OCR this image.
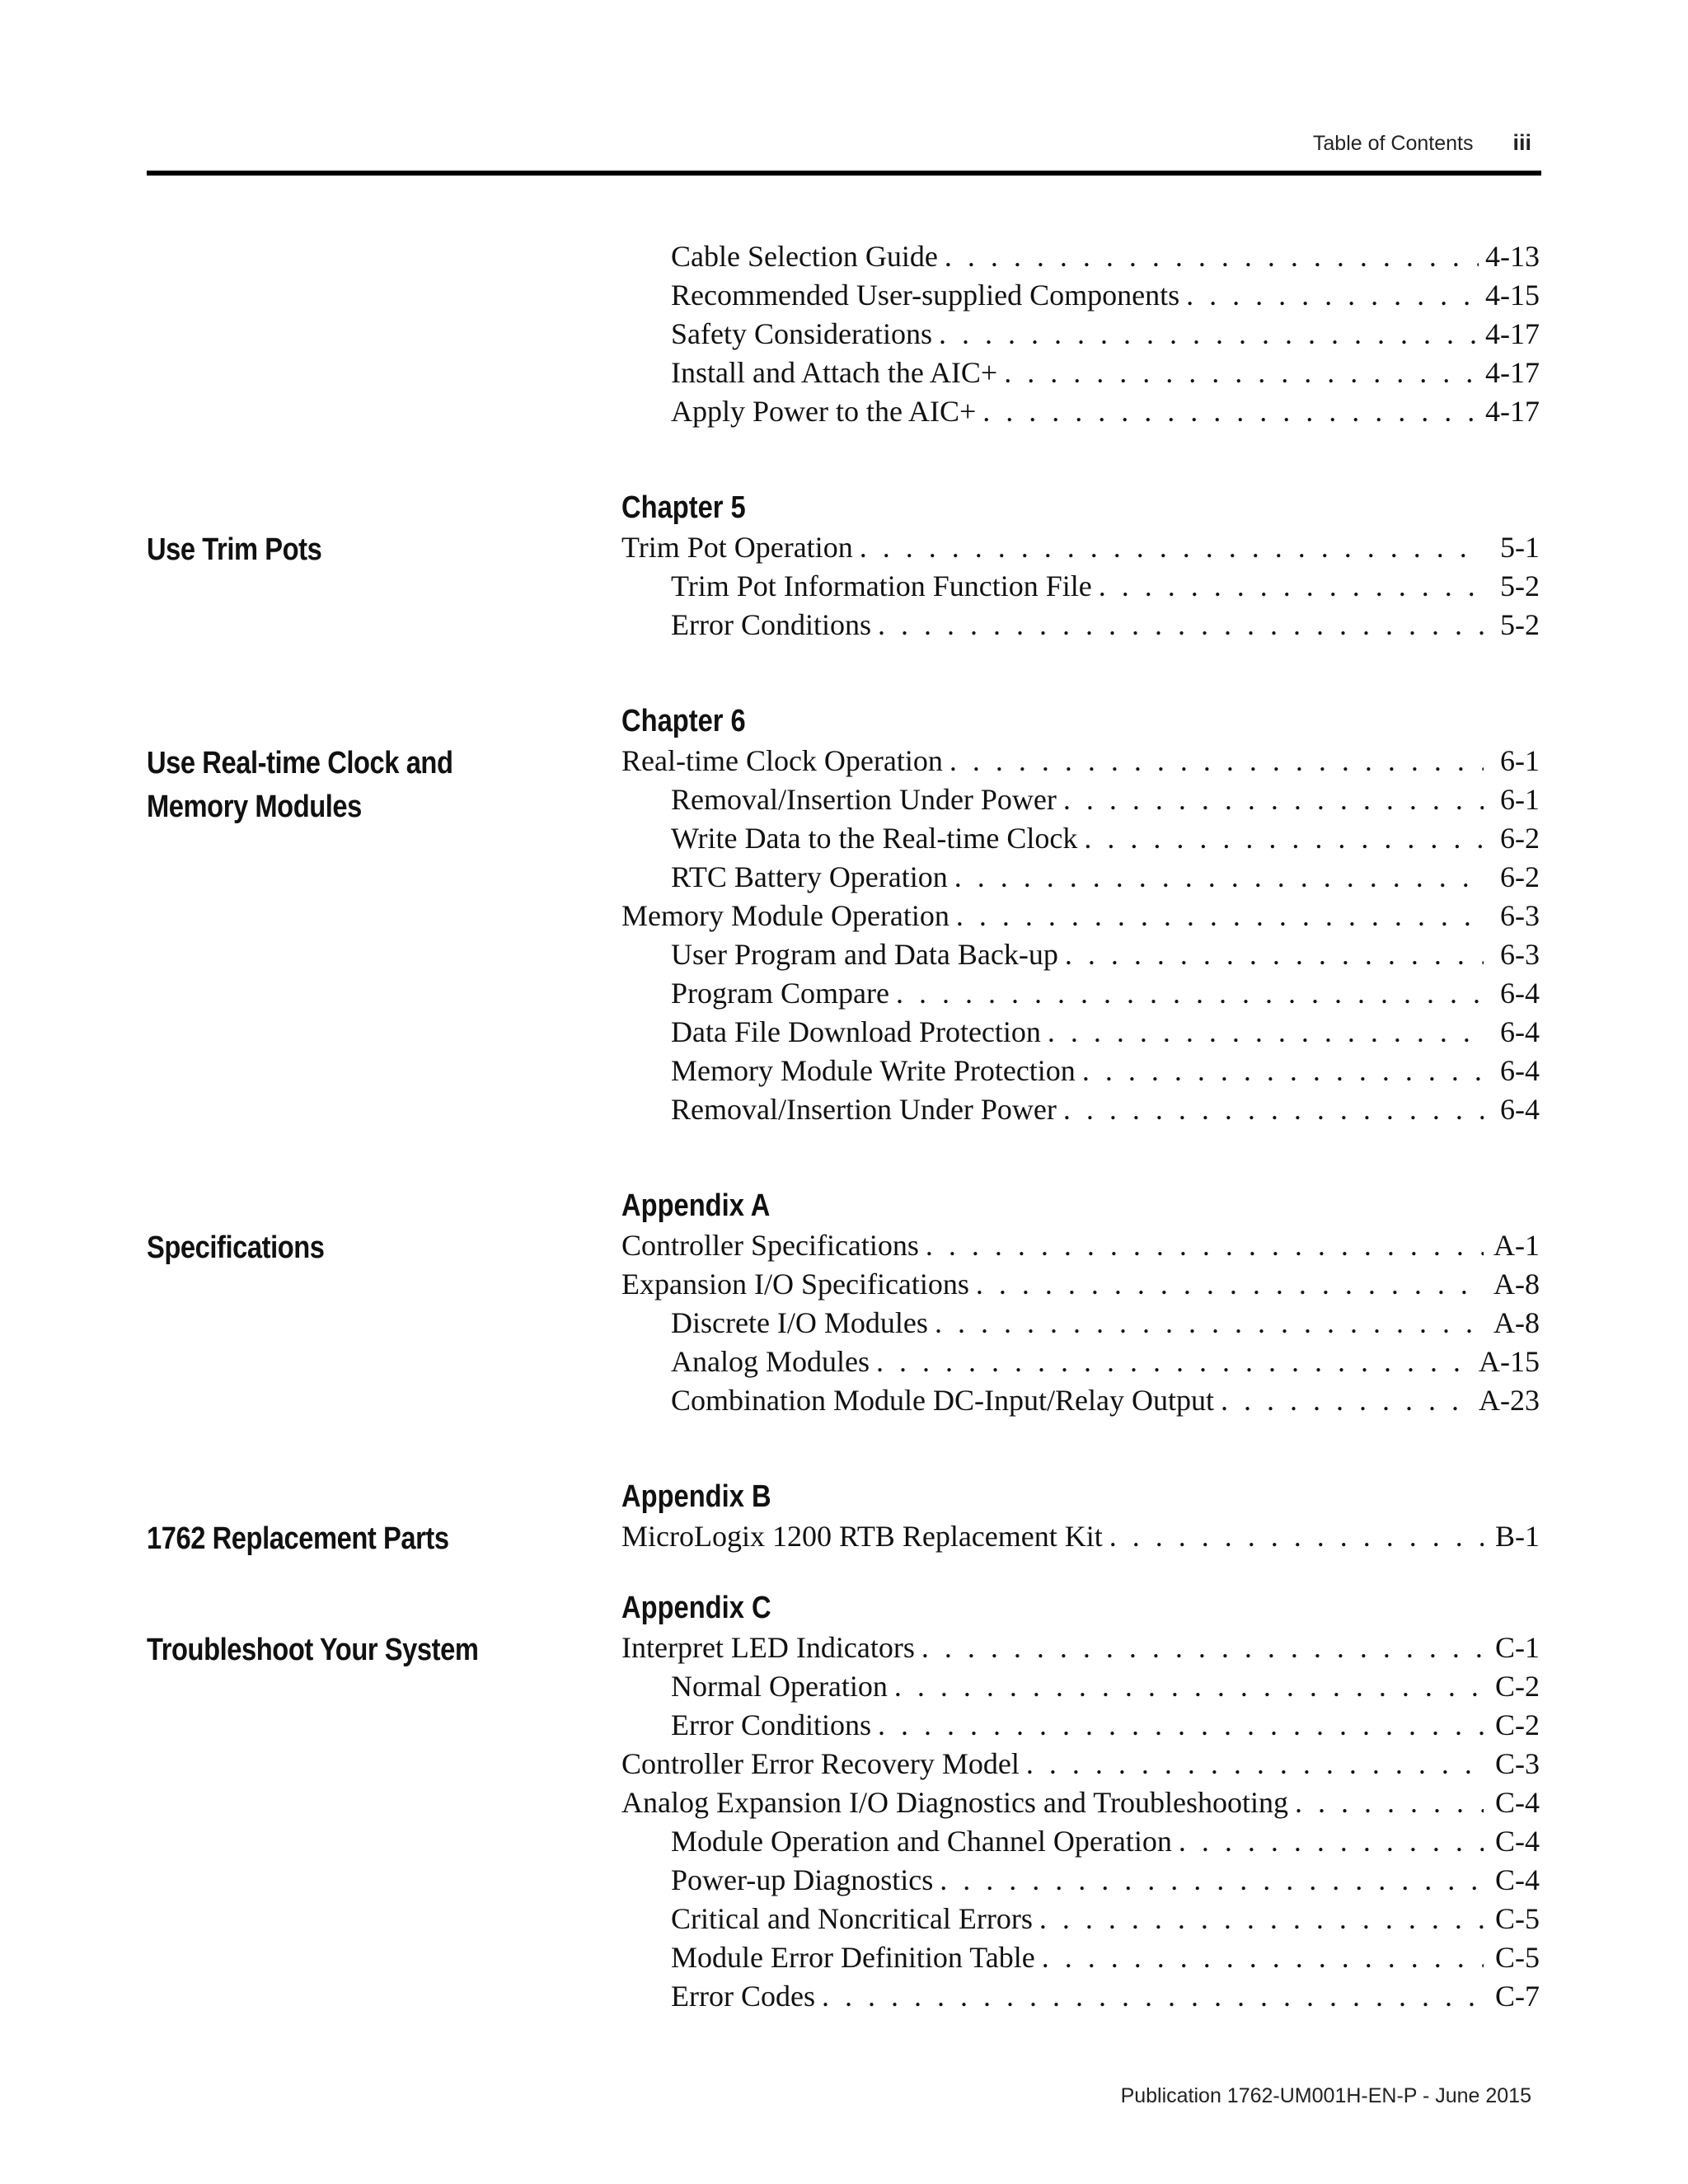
Table of Contents iii
Cable Selection Guide . . .	4-13
Recommended User-supplied Components . . .	4-15
Safety Considerations . . .	4-17
Install and Attach the AIC+ . . .	4-17
Apply Power to the AIC+ . . .	4-17
Use Trim Pots
Chapter 5
Trim Pot Operation . . .	5-1
Trim Pot Information Function File . . .	5-2
Error Conditions . . .	5-2
Use Real-time Clock and Memory Modules
Chapter 6
Real-time Clock Operation . . .	6-1
Removal/Insertion Under Power . . .	6-1
Write Data to the Real-time Clock . . .	6-2
RTC Battery Operation . . .	6-2
Memory Module Operation . . .	6-3
User Program and Data Back-up . . .	6-3
Program Compare . . .	6-4
Data File Download Protection . . .	6-4
Memory Module Write Protection . . .	6-4
Removal/Insertion Under Power . . .	6-4
Specifications
Appendix A
Controller Specifications . . .	A-1
Expansion I/O Specifications . . .	A-8
Discrete I/O Modules . . .	A-8
Analog Modules . . .	A-15
Combination Module DC-Input/Relay Output . . .	A-23
1762 Replacement Parts
Appendix B
MicroLogix 1200 RTB Replacement Kit . . .	B-1
Troubleshoot Your System
Appendix C
Interpret LED Indicators . . .	C-1
Normal Operation . . .	C-2
Error Conditions . . .	C-2
Controller Error Recovery Model . . .	C-3
Analog Expansion I/O Diagnostics and Troubleshooting . . .	C-4
Module Operation and Channel Operation . . .	C-4
Power-up Diagnostics . . .	C-4
Critical and Noncritical Errors . . .	C-5
Module Error Definition Table . . .	C-5
Error Codes . . .	C-7
Publication 1762-UM001H-EN-P - June 2015
